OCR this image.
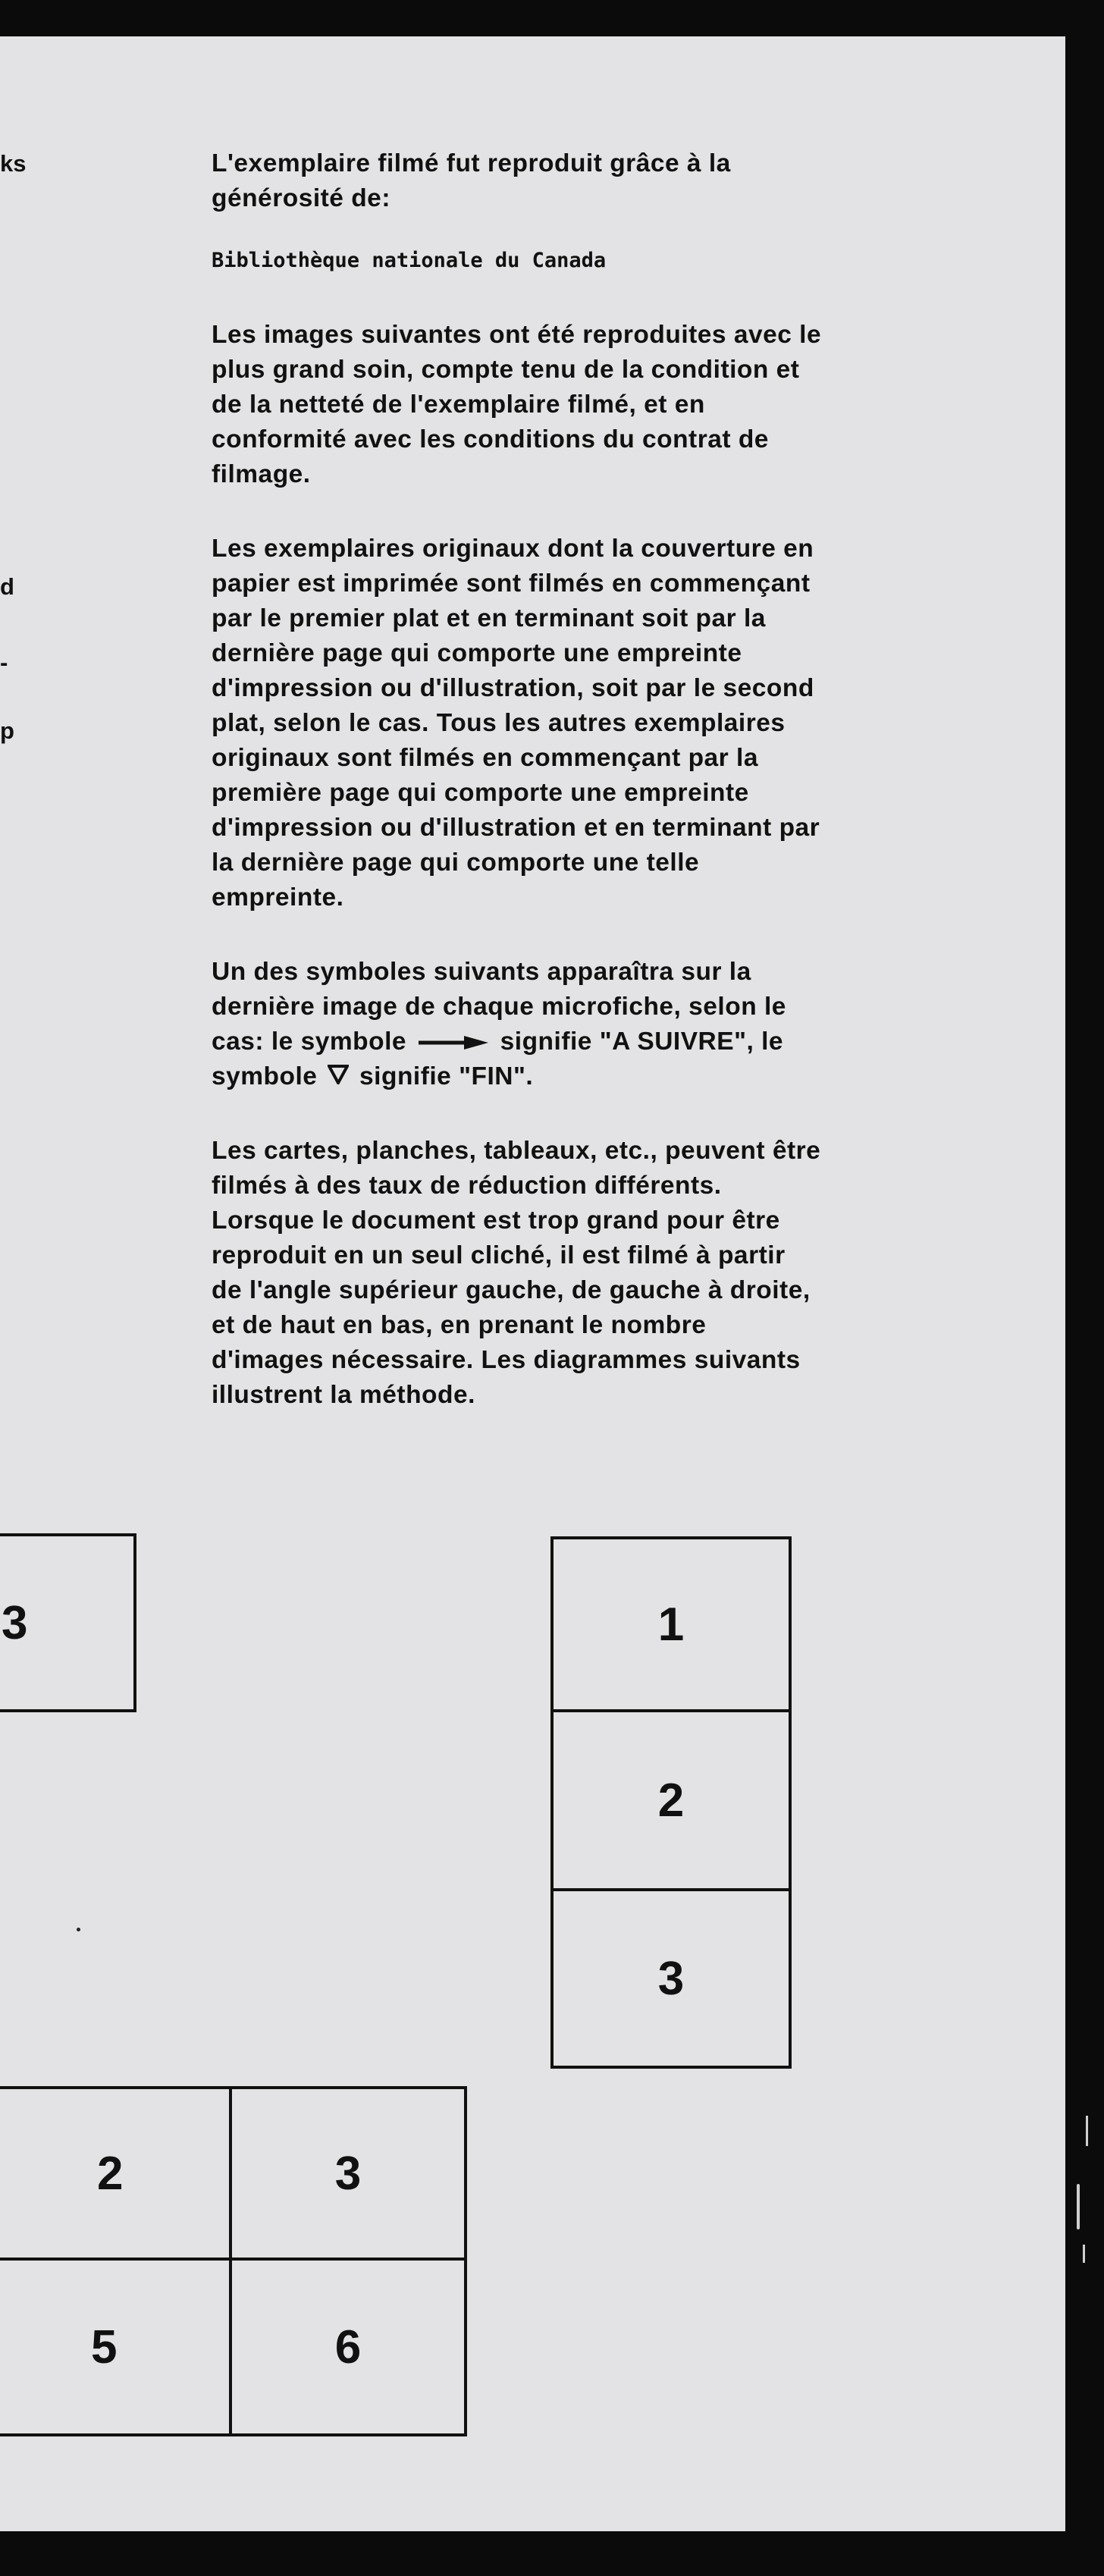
ks
d
-
p

L'exemplaire filmé fut reproduit grâce à la
générosité de:

Bibliothèque nationale du Canada

Les images suivantes ont été reproduites avec le
plus grand soin, compte tenu de la condition et
de la netteté de l'exemplaire filmé, et en
conformité avec les conditions du contrat de
filmage.

Les exemplaires originaux dont la couverture en
papier est imprimée sont filmés en commençant
par le premier plat et en terminant soit par la
dernière page qui comporte une empreinte
d'impression ou d'illustration, soit par le second
plat, selon le cas. Tous les autres exemplaires
originaux sont filmés en commençant par la
première page qui comporte une empreinte
d'impression ou d'illustration et en terminant par
la dernière page qui comporte une telle
empreinte.

Un des symboles suivants apparaîtra sur la
dernière image de chaque microfiche, selon le
cas: le symbole	signifie "A SUIVRE", le
symbole signifie "FIN".

Les cartes, planches, tableaux, etc., peuvent être
filmés à des taux de réduction différents.
Lorsque le document est trop grand pour être
reproduit en un seul cliché, il est filmé à partir
de l'angle supérieur gauche, de gauche à droite,
et de haut en bas, en prenant le nombre
d'images nécessaire. Les diagrammes suivants
illustrent la méthode.

3	1
2
3
2	3
5	6
